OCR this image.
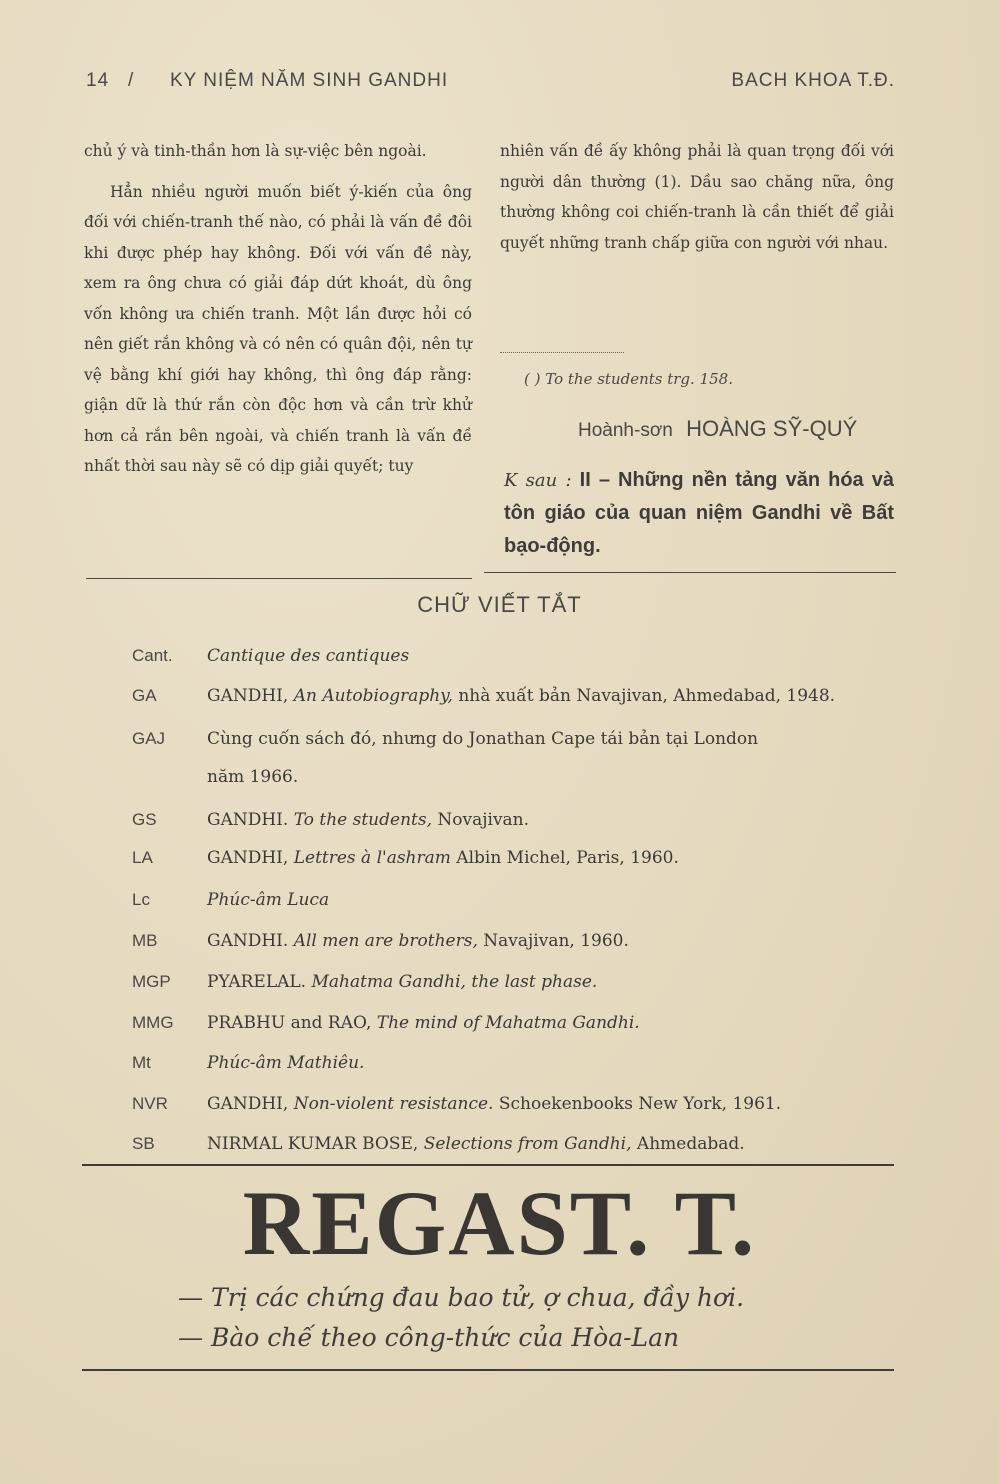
14 / KY NIỆM NĂM SINH GANDHI	BACH KHOA T.Đ.

chủ ý và tinh-thần hơn là sự-việc bên ngoài.

Hẳn nhiều người muốn biết ý-kiến của ông đối với chiến-tranh thế nào, có phải là vấn đề đôi khi được phép hay không. Đối với vấn đề này, xem ra ông chưa có giải đáp dứt khoát, dù ông vốn không ưa chiến tranh. Một lần được hỏi có nên giết rắn không và có nên có quân đội, nên tự vệ bằng khí giới hay không, thì ông đáp rằng: giận dữ là thứ rắn còn độc hơn và cần trừ khử hơn cả rắn bên ngoài, và chiến tranh là vấn đề nhất thời sau này sẽ có dịp giải quyết; tuy

nhiên vấn đề ấy không phải là quan trọng đối với người dân thường (1). Dầu sao chăng nữa, ông thường không coi chiến-tranh là cần thiết để giải quyết những tranh chấp giữa con người với nhau.

( ) To the students trg. 158.
Hoành-sơn HOÀNG SỸ-QUÝ
K sau : II – Những nền tảng văn hóa và tôn giáo của quan niệm Gandhi về Bất bạo-động.
CHỮ VIẾT TẮT
Cant. Cantique des cantiques
GA	GANDHI, An Autobiography, nhà xuất bản Navajivan, Ahmedabad, 1948.
GAJ Cùng cuốn sách đó, nhưng do Jonathan Cape tái bản tại London
năm 1966.
GS	GANDHI. To the students, Novajivan.
LA	GANDHI, Lettres à l'ashram Albin Michel, Paris, 1960.
Lc	Phúc-âm Luca
MB	GANDHI. All men are brothers, Navajivan, 1960.
MGP PYARELAL. Mahatma Gandhi, the last phase.
MMG PRABHU and RAO, The mind of Mahatma Gandhi.
Mt	Phúc-âm Mathiêu.
NVR GANDHI, Non-violent resistance. Schoekenbooks New York, 1961.
SB	NIRMAL KUMAR BOSE, Selections from Gandhi, Ahmedabad.
REGAST. T.
— Trị các chứng đau bao tử, ợ chua, đầy hơi.
— Bào chế theo công-thức của Hòa-Lan
